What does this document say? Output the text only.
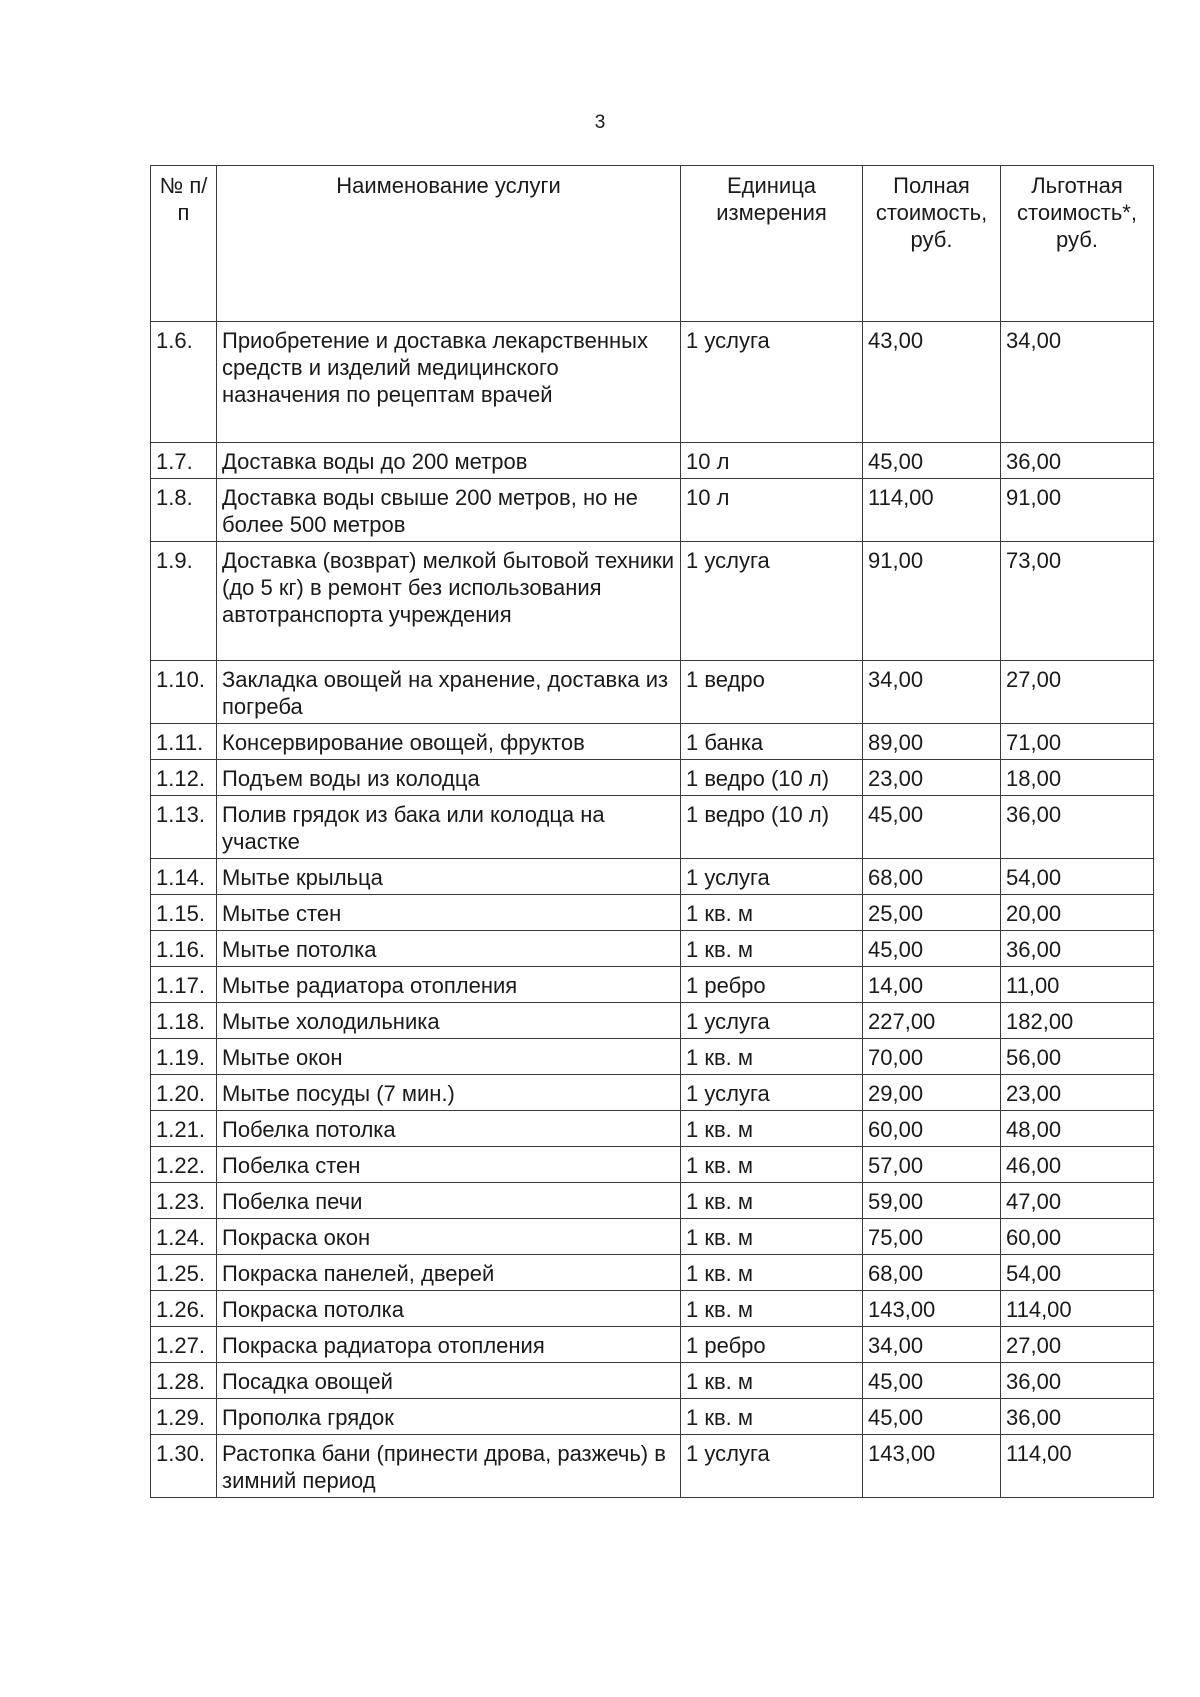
3
№ п/п	Наименование услуги	Единица измерения	Полная стоимость, руб.	Льготная стоимость*, руб.
1.6.	Приобретение и доставка лекарственных средств и изделий медицинского назначения по рецептам врачей	1 услуга	43,00	34,00
1.7.	Доставка воды до 200 метров	10 л	45,00	36,00
1.8.	Доставка воды свыше 200 метров, но не более 500 метров	10 л	114,00	91,00
1.9.	Доставка (возврат) мелкой бытовой техники (до 5 кг) в ремонт без использования автотранспорта учреждения	1 услуга	91,00	73,00
1.10.	Закладка овощей на хранение, доставка из погреба	1 ведро	34,00	27,00
1.11.	Консервирование овощей, фруктов	1 банка	89,00	71,00
1.12.	Подъем воды из колодца	1 ведро (10 л)	23,00	18,00
1.13.	Полив грядок из бака или колодца на участке	1 ведро (10 л)	45,00	36,00
1.14.	Мытье крыльца	1 услуга	68,00	54,00
1.15.	Мытье стен	1 кв. м	25,00	20,00
1.16.	Мытье потолка	1 кв. м	45,00	36,00
1.17.	Мытье радиатора отопления	1 ребро	14,00	11,00
1.18.	Мытье холодильника	1 услуга	227,00	182,00
1.19.	Мытье окон	1 кв. м	70,00	56,00
1.20.	Мытье посуды (7 мин.)	1 услуга	29,00	23,00
1.21.	Побелка потолка	1 кв. м	60,00	48,00
1.22.	Побелка стен	1 кв. м	57,00	46,00
1.23.	Побелка печи	1 кв. м	59,00	47,00
1.24.	Покраска окон	1 кв. м	75,00	60,00
1.25.	Покраска панелей, дверей	1 кв. м	68,00	54,00
1.26.	Покраска потолка	1 кв. м	143,00	114,00
1.27.	Покраска радиатора отопления	1 ребро	34,00	27,00
1.28.	Посадка овощей	1 кв. м	45,00	36,00
1.29.	Прополка грядок	1 кв. м	45,00	36,00
1.30.	Растопка бани (принести дрова, разжечь) в зимний период	1 услуга	143,00	114,00
